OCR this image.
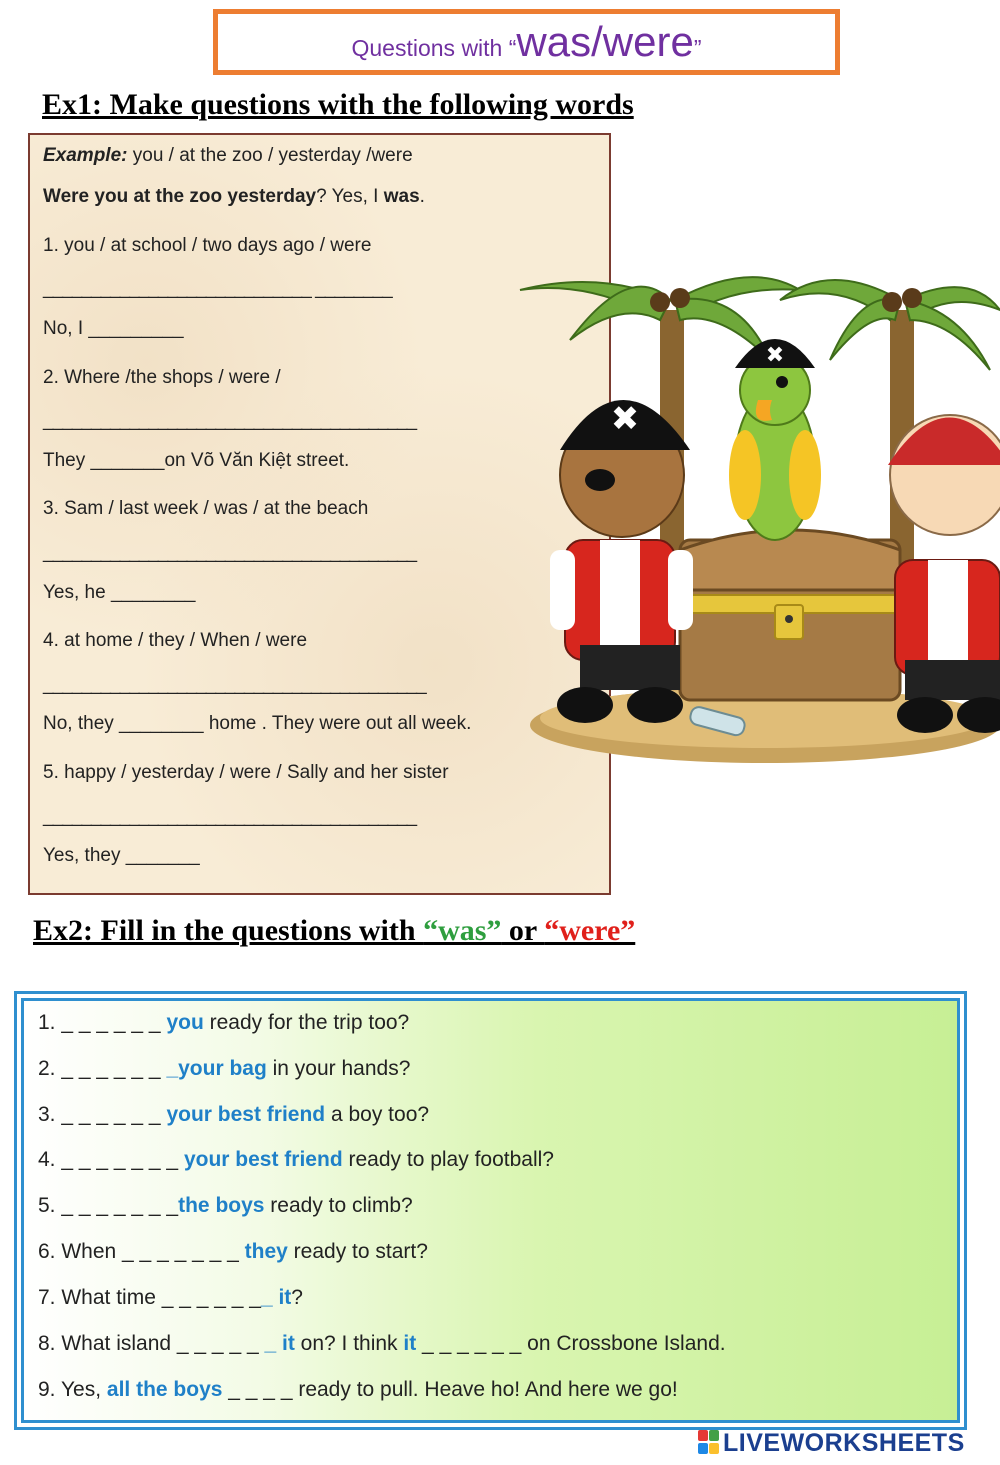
Questions with “was/were”
Ex1: Make questions with the following words
Example: you / at the zoo / yesterday /were
Were you at the zoo yesterday? Yes, I was.
1. you / at school / two days ago / were
____________________________ ________
No, I _________
2. Where /the shops / were /
_______________________________________
They _______on Võ Văn Kiệt street.
3. Sam / last week / was / at the beach
_______________________________________
Yes, he ________
4. at home / they / When / were
________________________________________
No, they ________ home . They were out all week.
5. happy / yesterday / were / Sally and her sister
_______________________________________
Yes, they _______
✖
✖
Ex2: Fill in the questions with “was” or “were”
1. _ _ _ _ _ _ you ready for the trip too?
2. _ _ _ _ _ _ _your bag in your hands?
3. _ _ _ _ _ _ your best friend a boy too?
4. _ _ _ _ _ _ _ your best friend ready to play football?
5. _ _ _ _ _ _ _the boys ready to climb?
6. When _ _ _ _ _ _ _ they ready to start?
7. What time _ _ _ _ _ __ it?
8. What island _ _ _ _ _ _ it on? I think it _ _ _ _ _ _ on Crossbone Island.
9. Yes, all the boys _ _ _ _ ready to pull. Heave ho! And here we go!
LIVEWORKSHEETS
